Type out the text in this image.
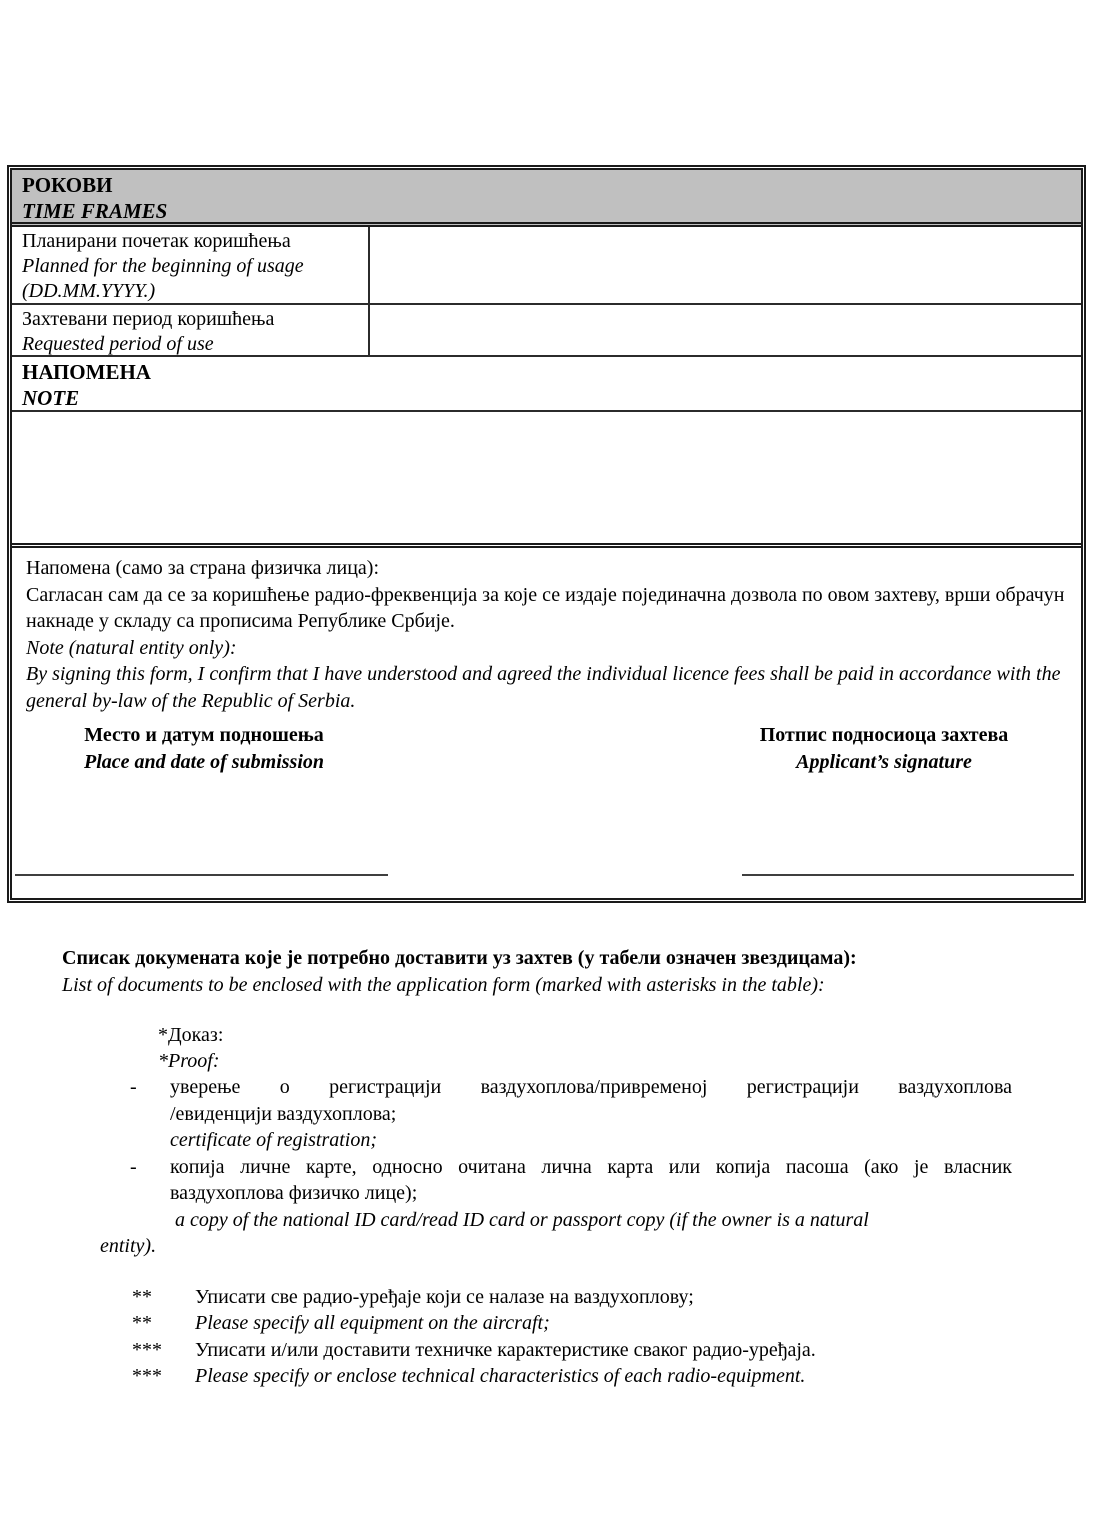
РОКОВИ
TIME FRAMES
Планирани почетак коришћења
Planned for the beginning of usage
(DD.MM.YYYY.)
Захтевани период коришћења
Requested period of use
НАПОМЕНА
NOTE
Напомена (само за страна физичка лица):
Сагласан сам да се за коришћење радио-фреквенција за које се издаје појединачна дозвола по овом захтеву, врши обрачун накнаде у складу са прописима Републике Србије.
Note (natural entity only):
By signing this form, I confirm that I have understood and agreed the individual licence fees shall be paid in accordance with the general by-law of the Republic of Serbia.
Место и датум подношења
Place and date of submission
Потпис подносиоца захтева
Applicant’s signature
Списак докумената које је потребно доставити уз захтев (у табели означен звездицама):
List of documents to be enclosed with the application form (marked with asterisks in the table):
*Доказ:
*Proof:
-	уверење о регистрацији ваздухоплова/привременој регистрацији ваздухоплова
/евиденцији ваздухоплова;
certificate of registration;
-	копија личне карте, односно очитана лична карта или копија пасоша (ако је власник
ваздухоплова физичко лице);
a copy of the national ID card/read ID card or passport copy (if the owner is a natural
entity).
**	Уписати све радио-уређаје који се налазе на ваздухоплову;
**	Please specify all equipment on the aircraft;
***	Уписати и/или доставити техничке карактеристике сваког радио-уређаја.
***	Please specify or enclose technical characteristics of each radio-equipment.
